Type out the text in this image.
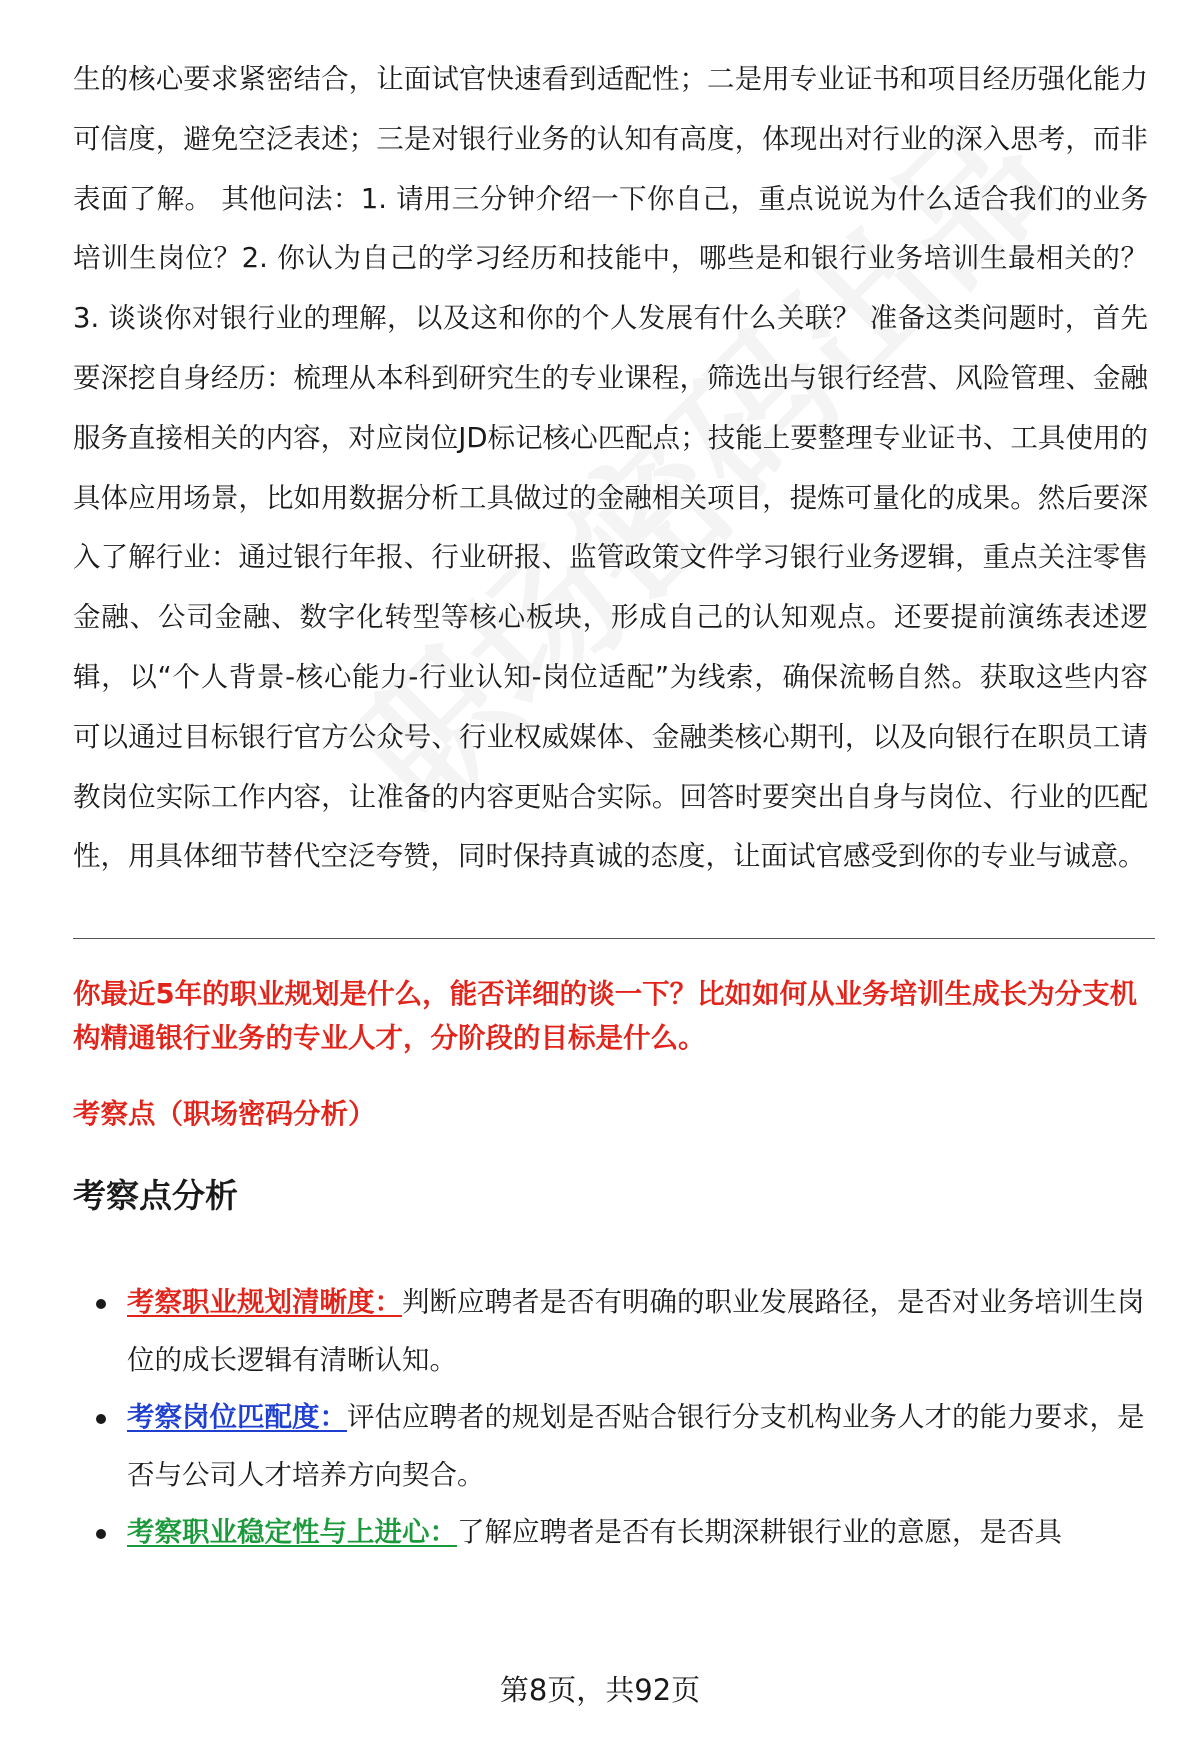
生的核心要求紧密结合，让面试官快速看到适配性；二是用专业证书和项目经历强化能力可信度，避免空泛表述；三是对银行业务的认知有高度，体现出对行业的深入思考，而非表面了解。 其他问法：1. 请用三分钟介绍一下你自己，重点说说为什么适合我们的业务培训生岗位？2. 你认为自己的学习经历和技能中，哪些是和银行业务培训生最相关的？3. 谈谈你对银行业的理解，以及这和你的个人发展有什么关联？ 准备这类问题时，首先要深挖自身经历：梳理从本科到研究生的专业课程，筛选出与银行经营、风险管理、金融服务直接相关的内容，对应岗位JD标记核心匹配点；技能上要整理专业证书、工具使用的具体应用场景，比如用数据分析工具做过的金融相关项目，提炼可量化的成果。然后要深入了解行业：通过银行年报、行业研报、监管政策文件学习银行业务逻辑，重点关注零售金融、公司金融、数字化转型等核心板块，形成自己的认知观点。还要提前演练表述逻辑，以“个人背景-核心能力-行业认知-岗位适配”为线索，确保流畅自然。获取这些内容可以通过目标银行官方公众号、行业权威媒体、金融类核心期刊，以及向银行在职员工请教岗位实际工作内容，让准备的内容更贴合实际。回答时要突出自身与岗位、行业的匹配性，用具体细节替代空泛夸赞，同时保持真诚的态度，让面试官感受到你的专业与诚意。

你最近5年的职业规划是什么，能否详细的谈一下？比如如何从业务培训生成长为分支机构精通银行业务的专业人才，分阶段的目标是什么。

考察点（职场密码分析）

考察点分析
考察职业规划清晰度：判断应聘者是否有明确的职业发展路径，是否对业务培训生岗位的成长逻辑有清晰认知。
考察岗位匹配度：评估应聘者的规划是否贴合银行分支机构业务人才的能力要求，是否与公司人才培养方向契合。
考察职业稳定性与上进心：了解应聘者是否有长期深耕银行业的意愿，是否具
第8页，共92页
